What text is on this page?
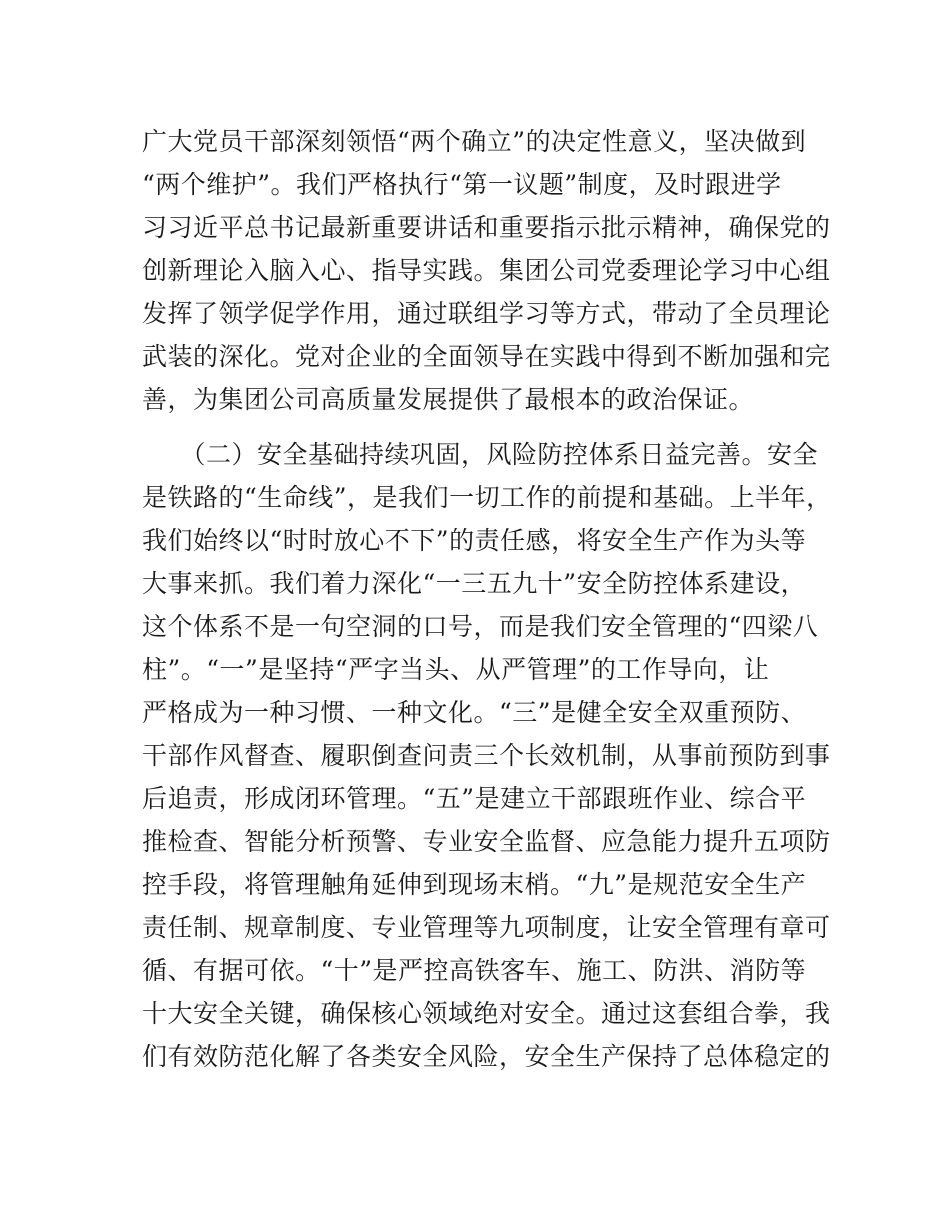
广大党员干部深刻领悟“两个确立”的决定性意义，坚决做到
“两个维护”。我们严格执行“第一议题”制度，及时跟进学
习习近平总书记最新重要讲话和重要指示批示精神，确保党的
创新理论入脑入心、指导实践。集团公司党委理论学习中心组
发挥了领学促学作用，通过联组学习等方式，带动了全员理论
武装的深化。党对企业的全面领导在实践中得到不断加强和完
善，为集团公司高质量发展提供了最根本的政治保证。
　　（二）安全基础持续巩固，风险防控体系日益完善。安全
是铁路的“生命线”，是我们一切工作的前提和基础。上半年，
我们始终以“时时放心不下”的责任感，将安全生产作为头等
大事来抓。我们着力深化“一三五九十”安全防控体系建设，
这个体系不是一句空洞的口号，而是我们安全管理的“四梁八
柱”。“一”是坚持“严字当头、从严管理”的工作导向，让
严格成为一种习惯、一种文化。“三”是健全安全双重预防、
干部作风督查、履职倒查问责三个长效机制，从事前预防到事
后追责，形成闭环管理。“五”是建立干部跟班作业、综合平
推检查、智能分析预警、专业安全监督、应急能力提升五项防
控手段，将管理触角延伸到现场末梢。“九”是规范安全生产
责任制、规章制度、专业管理等九项制度，让安全管理有章可
循、有据可依。“十”是严控高铁客车、施工、防洪、消防等
十大安全关键，确保核心领域绝对安全。通过这套组合拳，我
们有效防范化解了各类安全风险，安全生产保持了总体稳定的
